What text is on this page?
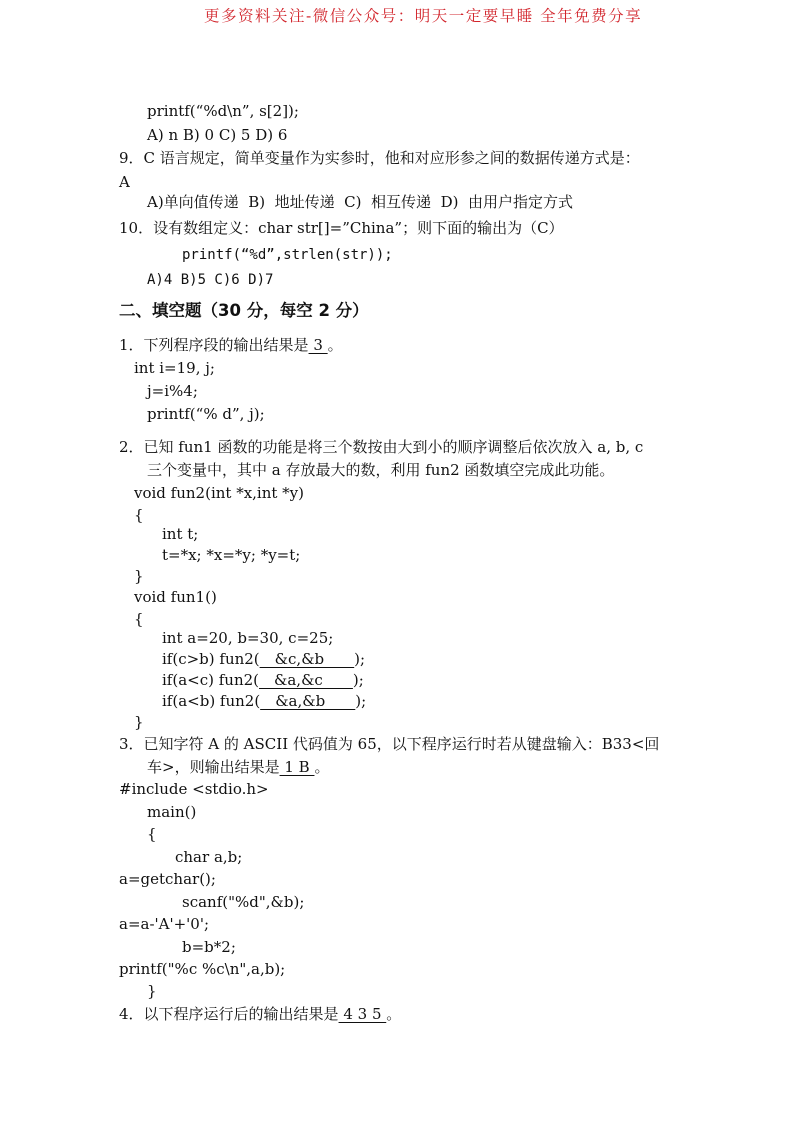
更多资料关注-微信公众号：明天一定要早睡 全年免费分享
printf(“%d\n”, s[2]);
A) n B) 0 C) 5 D) 6
9．C 语言规定，简单变量作为实参时，他和对应形参之间的数据传递方式是：
A
A)单向值传递  B)  地址传递  C)  相互传递  D)  由用户指定方式
10．设有数组定义：char str[]=”China”；则下面的输出为（C）
printf(“%d”,strlen(str));
A)4 B)5 C)6 D)7
二、填空题（30 分，每空 2 分）
1．下列程序段的输出结果是 3 。
int i=19, j;
j=i%4;
printf(“% d”, j);
2．已知 fun1 函数的功能是将三个数按由大到小的顺序调整后依次放入 a, b, c
三个变量中，其中 a 存放最大的数，利用 fun2 函数填空完成此功能。
void fun2(int *x,int *y)
{
int t;
t=*x; *x=*y; *y=t;
}
void fun1()
{
int a=20, b=30, c=25;
if(c>b) fun2(__&c,&b____);
if(a<c) fun2(__&a,&c____);
if(a<b) fun2(__&a,&b____);
}
3．已知字符 A 的 ASCII 代码值为 65，以下程序运行时若从键盘输入：B33<回
车>，则输出结果是 1 B 。
#include <stdio.h>
main()
{
char a,b;
a=getchar();
scanf("%d",&b);
a=a-'A'+'0';
b=b*2;
printf("%c %c\n",a,b);
}
4．以下程序运行后的输出结果是 4 3 5 。
